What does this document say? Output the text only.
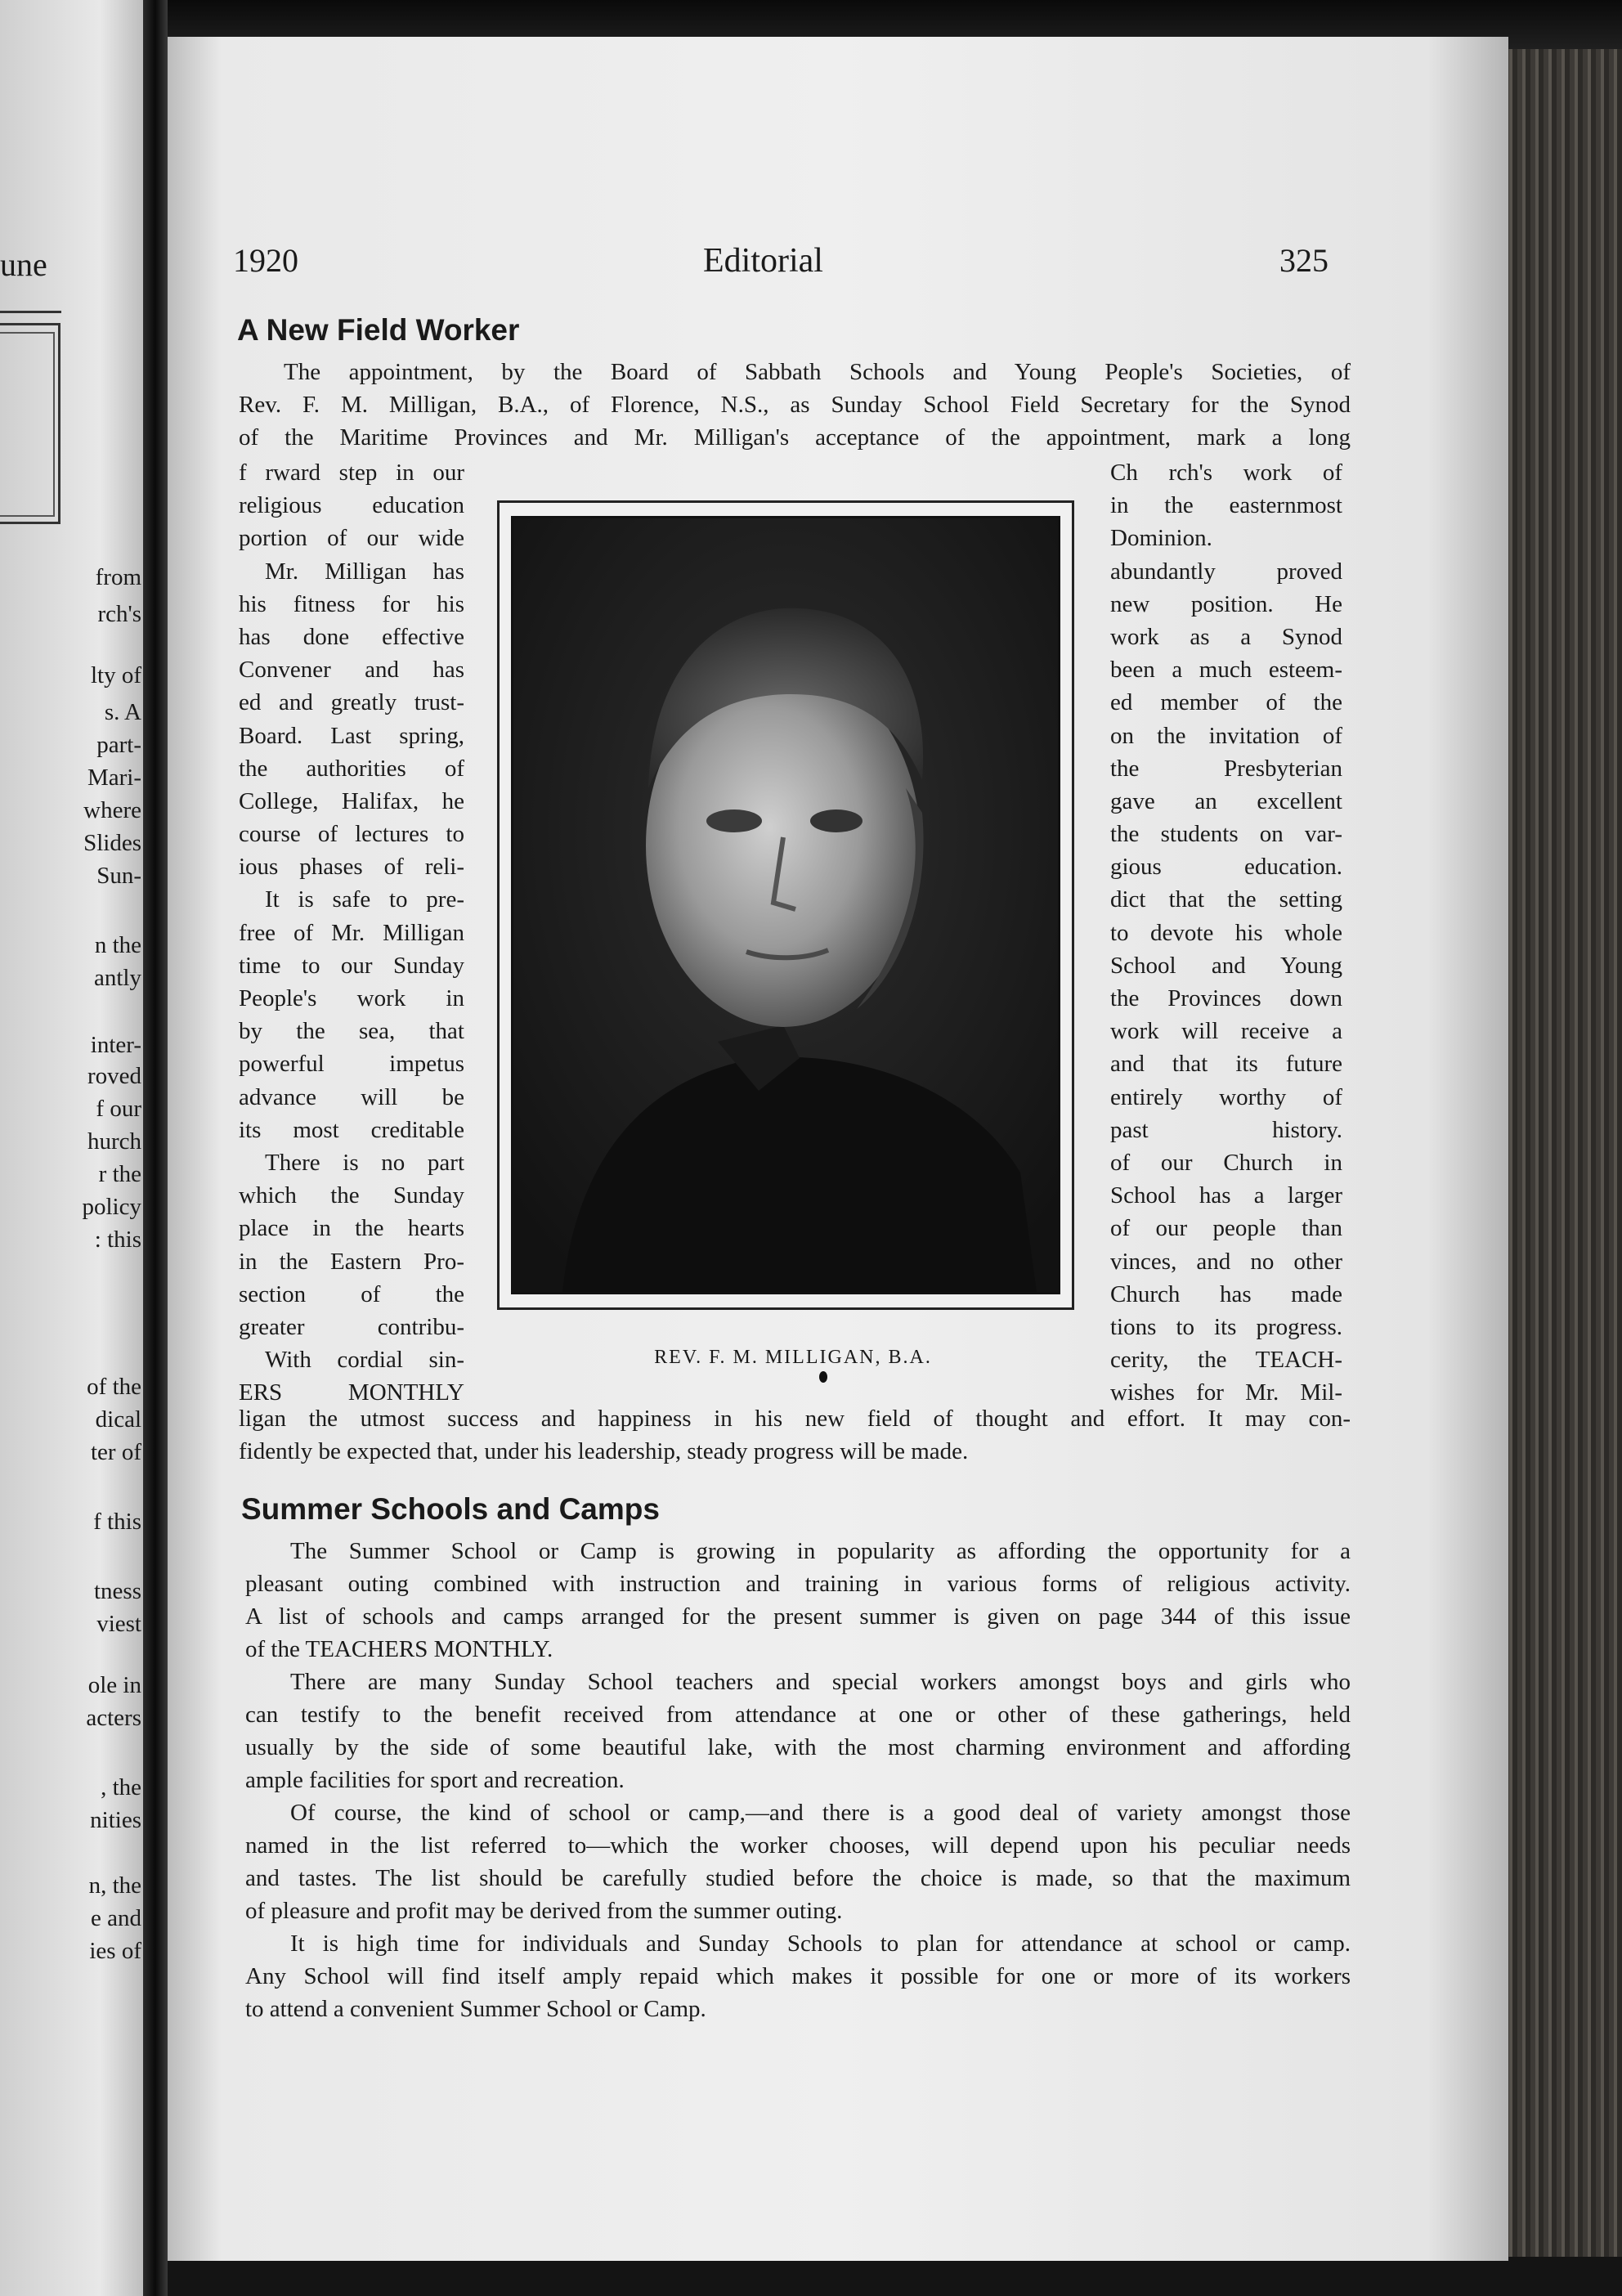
une
from
rch's
lty of
s. A
part-
Mari-
where
Slides
Sun-
n the
antly
inter-
roved
f our
hurch
r the
policy
: this
of the
dical
ter of
f this
tness
viest
ole in
acters
, the
nities
n, the
e and
ies of
1920	Editorial	325
A New Field Worker
The appointment, by the Board of Sabbath Schools and Young People's Societies, of
Rev. F. M. Milligan, B.A., of Florence, N.S., as Sunday School Field Secretary for the Synod
of the Maritime Provinces and Mr. Milligan's acceptance of the appointment, mark a long
f rward step in our
religious education
portion of our wide
Mr. Milligan has
his fitness for his
has done effective
Convener and has
ed and greatly trust-
Board. Last spring,
the authorities of
College, Halifax, he
course of lectures to
ious phases of reli-
It is safe to pre-
free of Mr. Milligan
time to our Sunday
People's work in
by the sea, that
powerful impetus
advance will be
its most creditable
There is no part
which the Sunday
place in the hearts
in the Eastern Pro-
section of the
greater contribu-
With cordial sin-
ERS MONTHLY
Ch rch's work of
in the easternmost
Dominion.
abundantly proved
new position. He
work as a Synod
been a much esteem-
ed member of the
on the invitation of
the Presbyterian
gave an excellent
the students on var-
gious education.
dict that the setting
to devote his whole
School and Young
the Provinces down
work will receive a
and that its future
entirely worthy of
past history.
of our Church in
School has a larger
of our people than
vinces, and no other
Church has made
tions to its progress.
cerity, the TEACH-
wishes for Mr. Mil-
REV. F. M. MILLIGAN, B.A.
ligan the utmost success and happiness in his new field of thought and effort. It may con-
fidently be expected that, under his leadership, steady progress will be made.
Summer Schools and Camps
The Summer School or Camp is growing in popularity as affording the opportunity for a
pleasant outing combined with instruction and training in various forms of religious activity.
A list of schools and camps arranged for the present summer is given on page 344 of this issue
of the TEACHERS MONTHLY.
There are many Sunday School teachers and special workers amongst boys and girls who
can testify to the benefit received from attendance at one or other of these gatherings, held
usually by the side of some beautiful lake, with the most charming environment and affording
ample facilities for sport and recreation.
Of course, the kind of school or camp,—and there is a good deal of variety amongst those
named in the list referred to—which the worker chooses, will depend upon his peculiar needs
and tastes. The list should be carefully studied before the choice is made, so that the maximum
of pleasure and profit may be derived from the summer outing.
It is high time for individuals and Sunday Schools to plan for attendance at school or camp.
Any School will find itself amply repaid which makes it possible for one or more of its workers
to attend a convenient Summer School or Camp.
